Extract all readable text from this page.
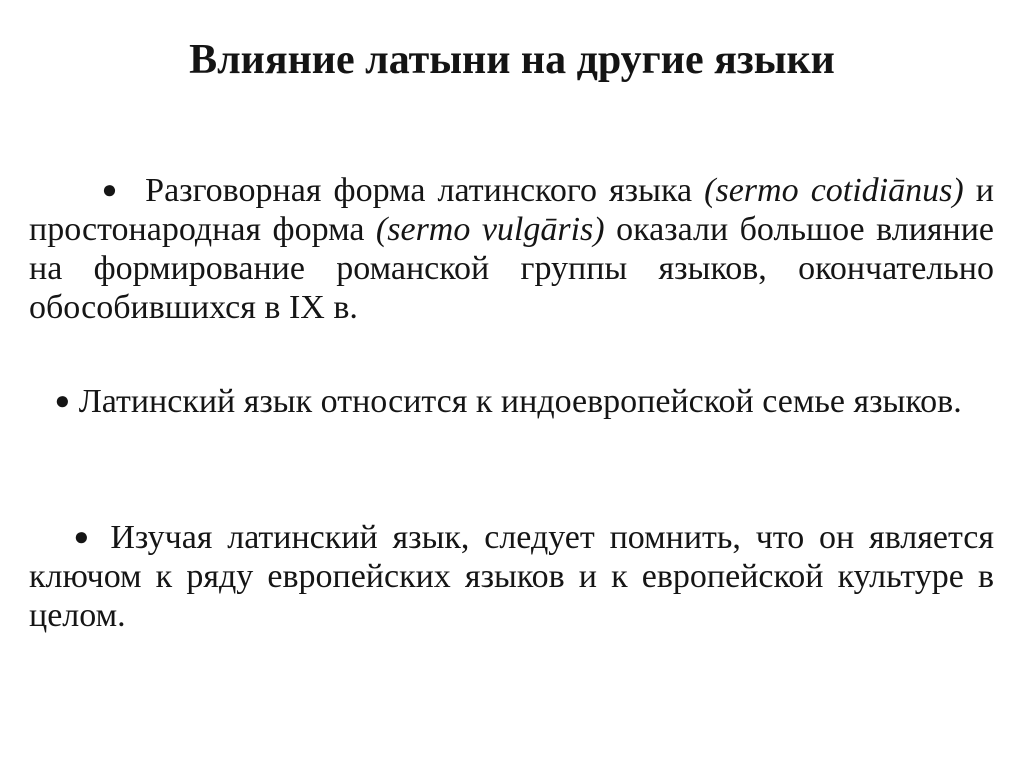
Влияние латыни на другие языки

● Разговорная форма латинского языка (sermo cotidiānus) и простонародная форма (sermo vulgāris) оказали большое влияние на формирование романской группы языков, окончательно обособившихся в IX в.

● Латинский язык относится к индоевропейской семье языков.

● Изучая латинский язык, следует помнить, что он является ключом к ряду европейских языков и к европейской культуре в целом.
